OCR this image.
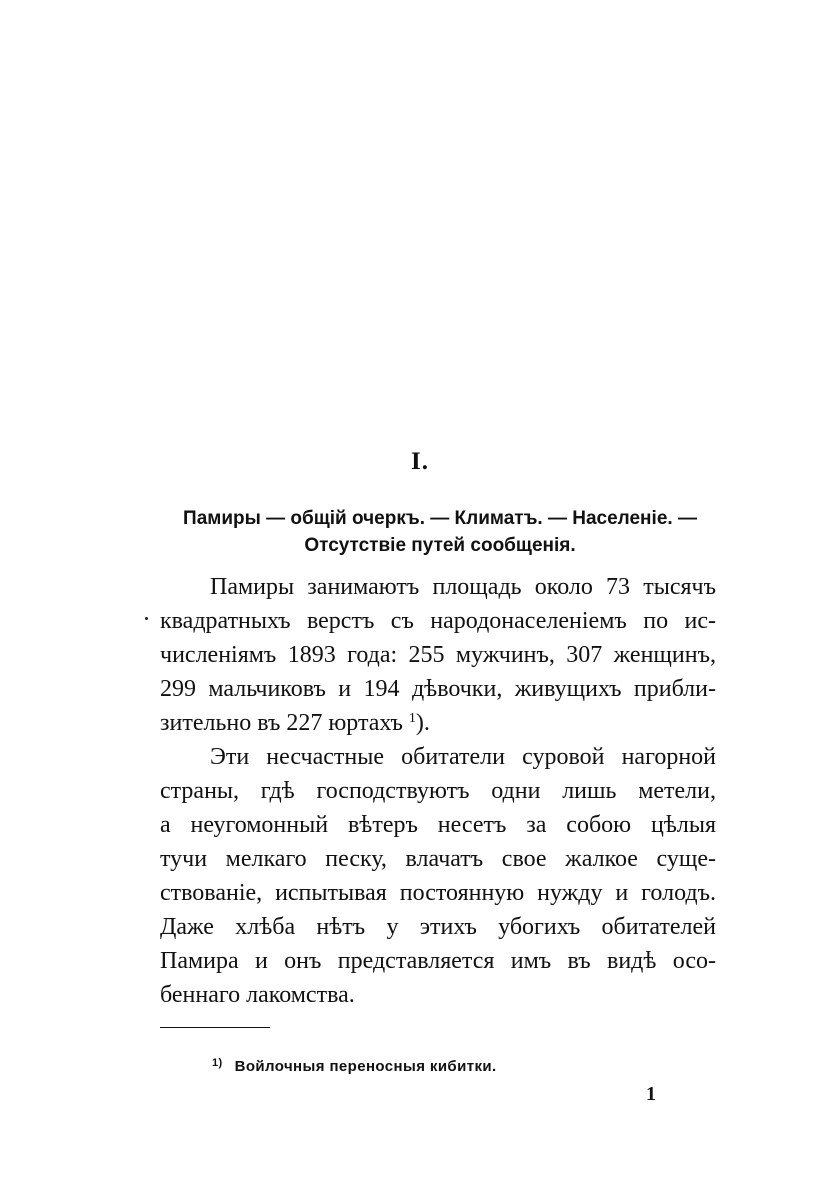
I.
Памиры — общій очеркъ. — Климатъ. — Населеніе. —
Отсутствіе путей сообщенія.
Памиры занимаютъ площадь около 73 тысячъ
квадратныхъ верстъ съ народонаселеніемъ по ис-
численіямъ 1893 года: 255 мужчинъ, 307 женщинъ,
299 мальчиковъ и 194 дѣвочки, живущихъ прибли-
зительно въ 227 юртахъ $^1$).
Эти несчастные обитатели суровой нагорной
страны, гдѣ господствуютъ одни лишь метели,
а неугомонный вѣтеръ несетъ за собою цѣлыя
тучи мелкаго песку, влачатъ свое жалкое суще-
ствованіе, испытывая постоянную нужду и голодъ.
Даже хлѣба нѣтъ у этихъ убогихъ обитателей
Памира и онъ представляется имъ въ видѣ осо-
беннаго лакомства.
$^{1)}$ Войлочныя переносныя кибитки.
1
